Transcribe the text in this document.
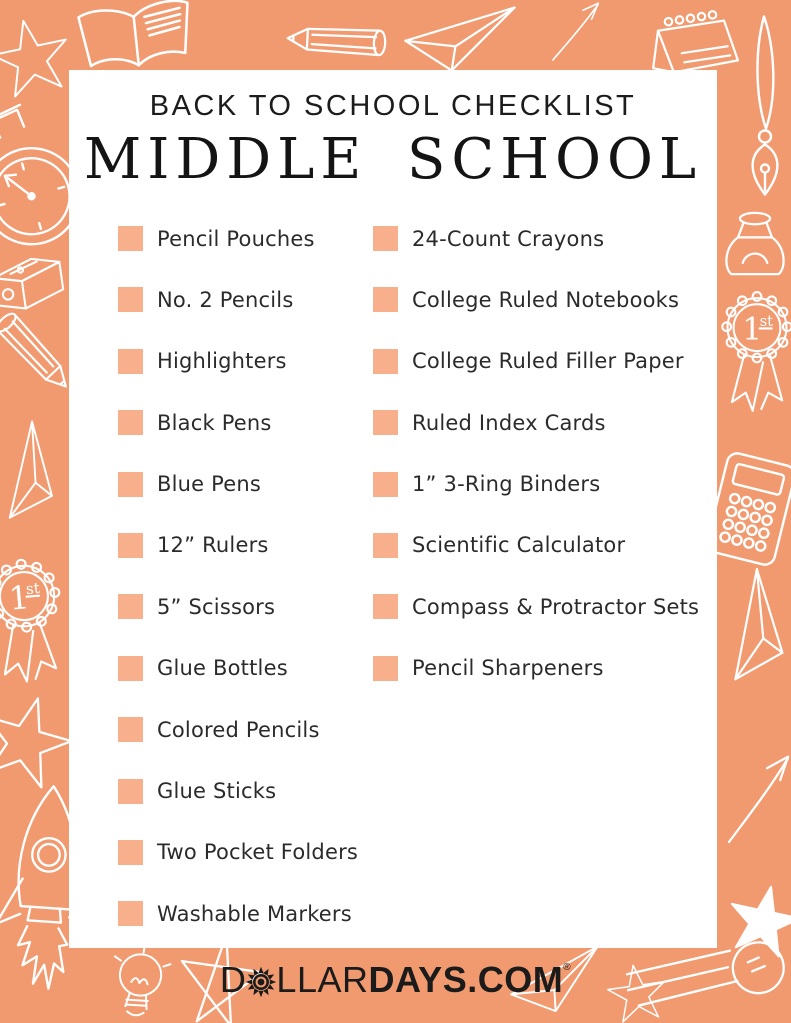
BACK TO SCHOOL CHECKLIST
MIDDLE SCHOOL
Pencil Pouches
No. 2 Pencils
Highlighters
Black Pens
Blue Pens
12” Rulers
5” Scissors
Glue Bottles
Colored Pencils
Glue Sticks
Two Pocket Folders
Washable Markers
24-Count Crayons
College Ruled Notebooks
College Ruled Filler Paper
Ruled Index Cards
1” 3-Ring Binders
Scientific Calculator
Compass & Protractor Sets
Pencil Sharpeners
D LLAR DAYS.COM ®
